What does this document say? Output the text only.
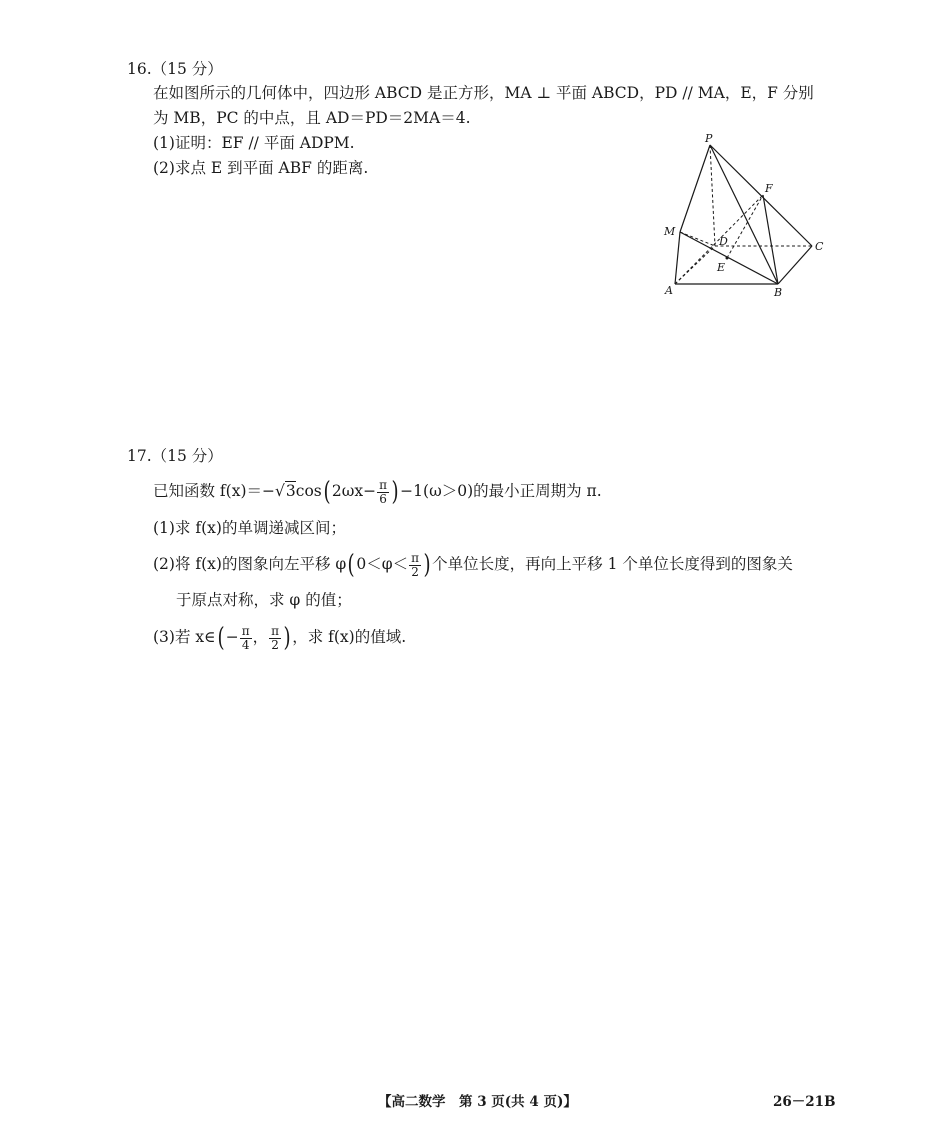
16.（15 分）
在如图所示的几何体中，四边形 ABCD 是正方形，MA ⊥ 平面 ABCD，PD // MA，E，F 分别
为 MB，PC 的中点，且 AD＝PD＝2MA＝4.
(1)证明：EF // 平面 ADPM.
(2)求点 E 到平面 ABF 的距离.
P
M
D
F
C
E
A	B
17.（15 分）
已知函数 $f(x)=-√3\cos(2\omega x- \frac{\pi}{6} )-1(\omega>0)$的最小正周期为 π.
(1)求 f(x)的单调递减区间；
(2)将 f(x)的图象向左平移 $\varphi(0<\varphi< \frac{\pi}{2}$ )个单位长度，再向上平移 1 个单位长度得到的图象关
于原点对称，求 φ 的值；
(3)若 x∈(− $\frac{\pi}{4}$ ， $\frac{\pi}{2}$ )，求 f(x)的值域.
【高二数学　第 3 页(共 4 页)】	26－21B
